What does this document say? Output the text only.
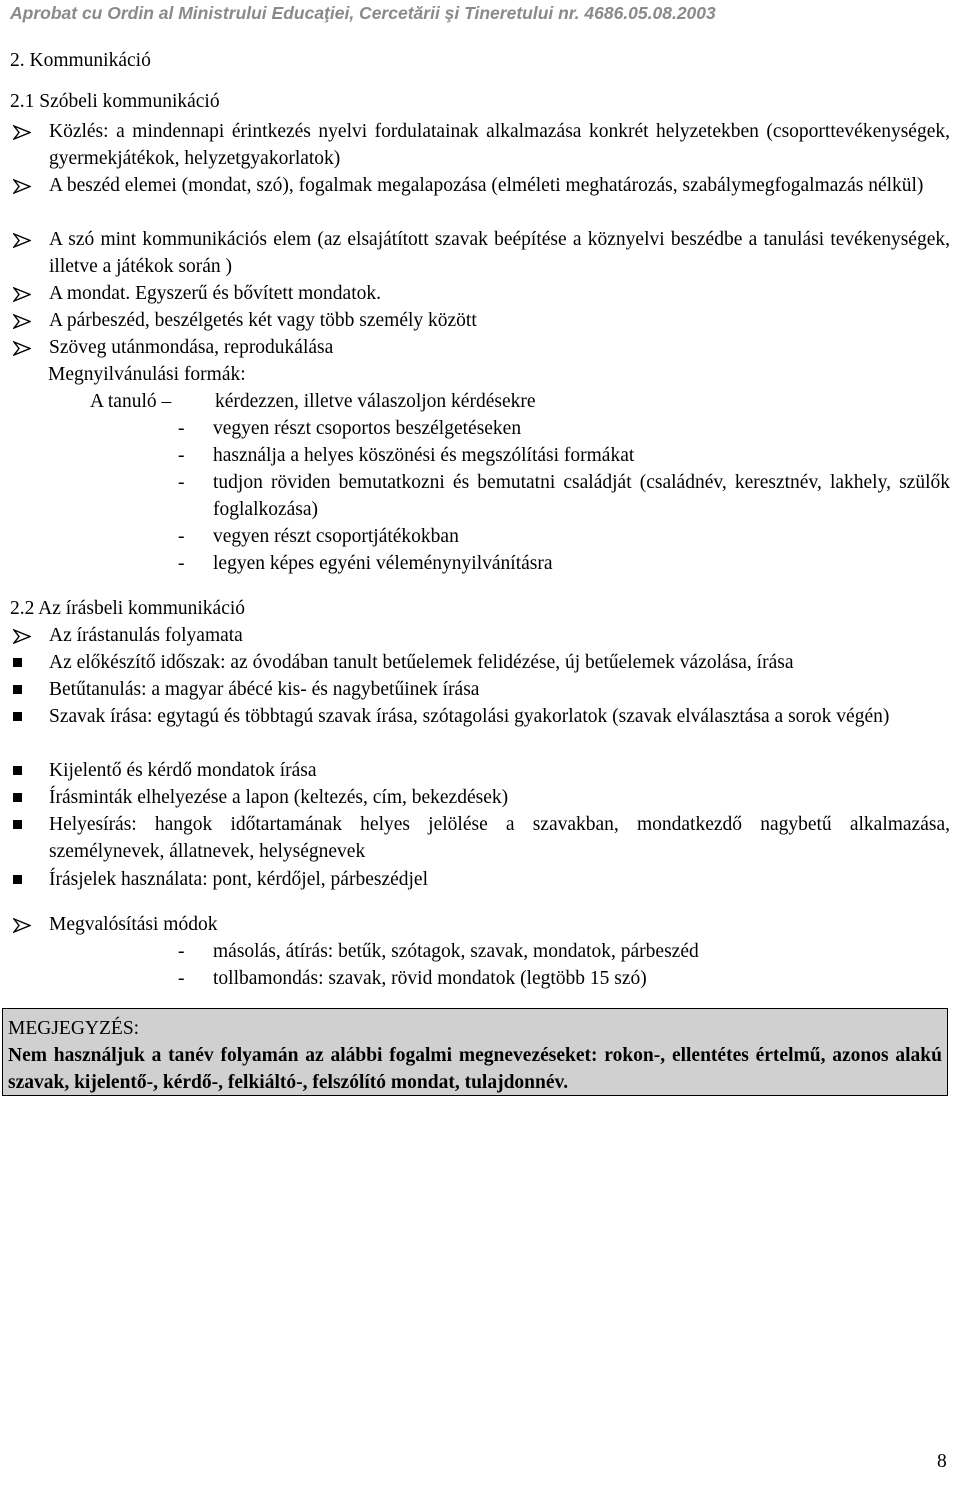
Aprobat cu Ordin al Ministrului Educaţiei, Cercetării şi Tineretului nr. 4686.05.08.2003
2. Kommunikáció
2.1 Szóbeli kommunikáció
Közlés: a mindennapi érintkezés nyelvi fordulatainak alkalmazása konkrét helyzetekben (csoporttevékenységek, gyermekjátékok, helyzetgyakorlatok)
A beszéd elemei (mondat, szó), fogalmak megalapozása (elméleti meghatározás, szabálymegfogalmazás nélkül)
A szó mint kommunikációs elem (az elsajátított szavak beépítése a köznyelvi beszédbe a tanulási tevékenységek, illetve a játékok során )
A mondat. Egyszerű és bővített mondatok.
A párbeszéd, beszélgetés két vagy több személy között
Szöveg utánmondása, reprodukálása
Megnyilvánulási formák:
A tanuló – kérdezzen, illetve válaszoljon kérdésekre
- vegyen részt csoportos beszélgetéseken
- használja a helyes köszönési és megszólítási formákat
- tudjon röviden bemutatkozni és bemutatni családját (családnév, keresztnév, lakhely, szülők foglalkozása)
- vegyen részt csoportjátékokban
- legyen képes egyéni véleménynyilvánításra
2.2 Az írásbeli kommunikáció
Az írástanulás folyamata
Az előkészítő időszak: az óvodában tanult betűelemek felidézése, új betűelemek vázolása, írása
Betűtanulás: a magyar ábécé kis- és nagybetűinek írása
Szavak írása: egytagú és többtagú szavak írása, szótagolási gyakorlatok (szavak elválasztása a sorok végén)
Kijelentő és kérdő mondatok írása
Írásminták elhelyezése a lapon (keltezés, cím, bekezdések)
Helyesírás: hangok időtartamának helyes jelölése a szavakban, mondatkezdő nagybetű alkalmazása, személynevek, állatnevek, helységnevek
Írásjelek használata: pont, kérdőjel, párbeszédjel
Megvalósítási módok
- másolás, átírás: betűk, szótagok, szavak, mondatok, párbeszéd
- tollbamondás: szavak, rövid mondatok (legtöbb 15 szó)
MEGJEGYZÉS:
Nem használjuk a tanév folyamán az alábbi fogalmi megnevezéseket: rokon-, ellentétes értelmű, azonos alakú szavak, kijelentő-, kérdő-, felkiáltó-, felszólító mondat, tulajdonnév.
8
